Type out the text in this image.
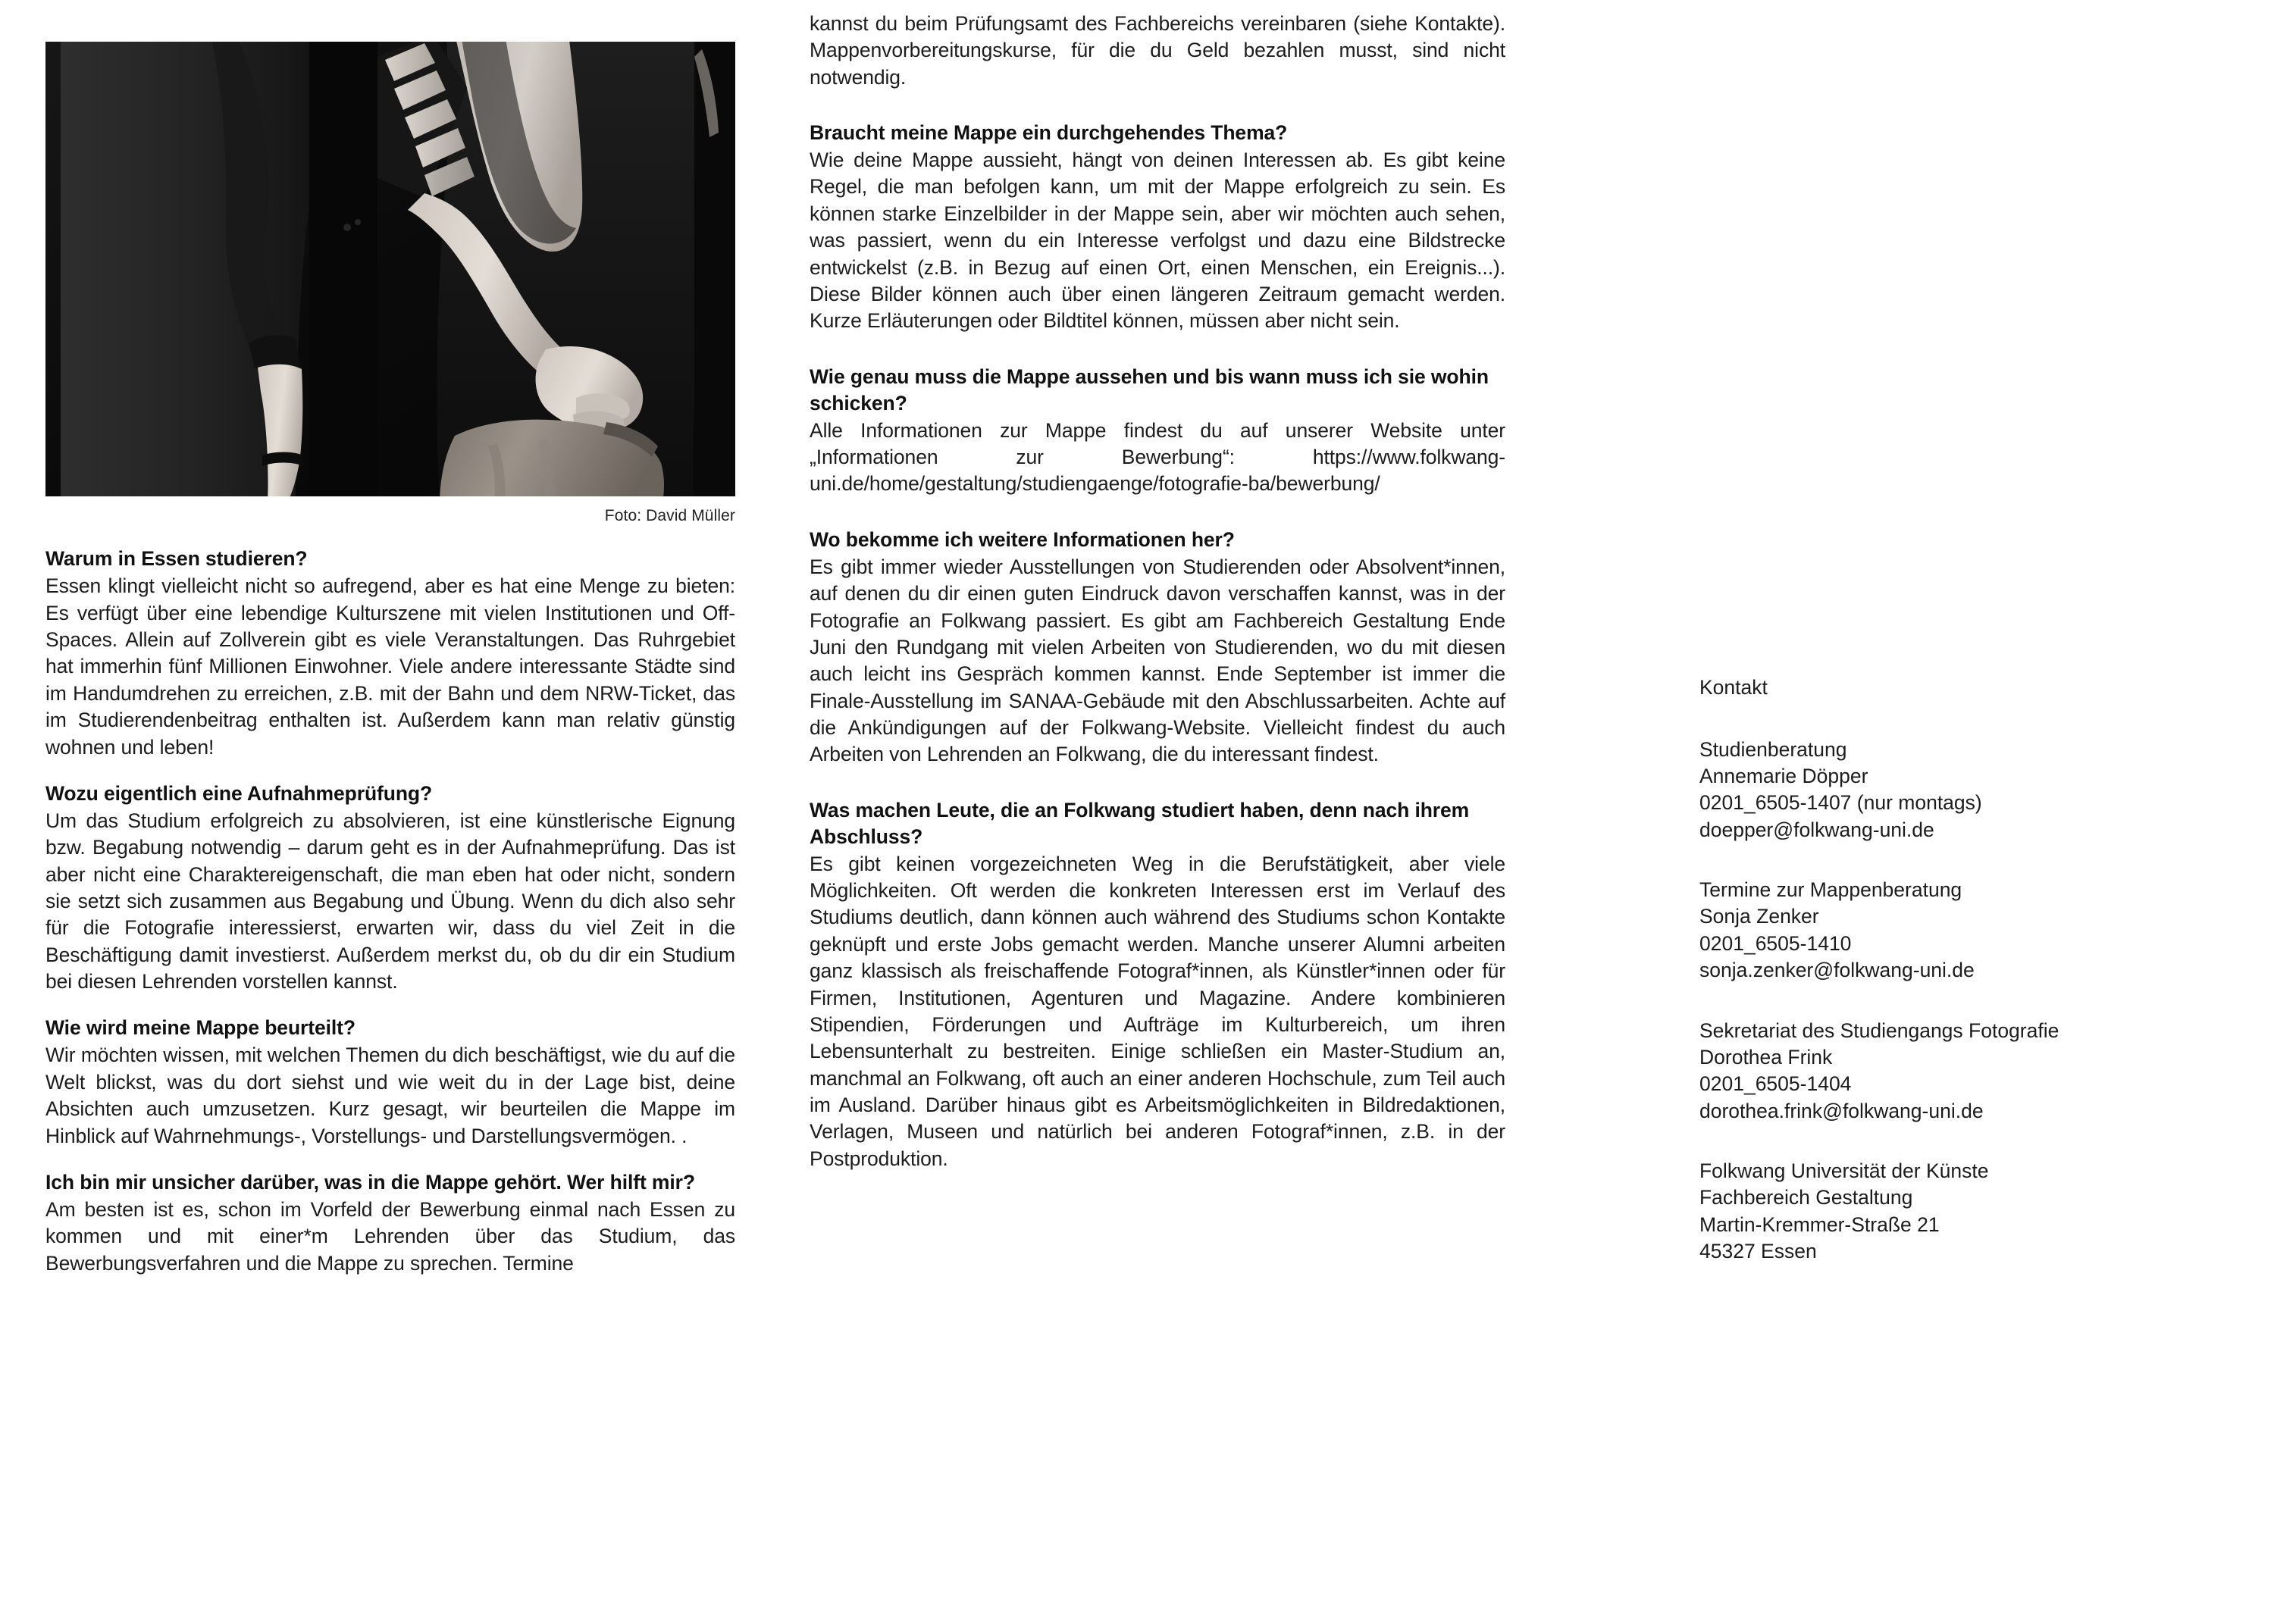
Foto: David Müller
Warum in Essen studieren?

Essen klingt vielleicht nicht so aufregend, aber es hat eine Menge zu bieten: Es verfügt über eine lebendige Kulturszene mit vielen Institutionen und Off-Spaces. Allein auf Zollverein gibt es viele Veranstaltungen. Das Ruhrgebiet hat immerhin fünf Millionen Einwohner. Viele andere interessante Städte sind im Handumdrehen zu erreichen, z.B. mit der Bahn und dem NRW-Ticket, das im Studierendenbeitrag enthalten ist. Außerdem kann man relativ günstig wohnen und leben!

Wozu eigentlich eine Aufnahmeprüfung?

Um das Studium erfolgreich zu absolvieren, ist eine künstlerische Eignung bzw. Begabung notwendig – darum geht es in der Aufnahmeprüfung. Das ist aber nicht eine Charaktereigenschaft, die man eben hat oder nicht, sondern sie setzt sich zusammen aus Begabung und Übung. Wenn du dich also sehr für die Fotografie interessierst, erwarten wir, dass du viel Zeit in die Beschäftigung damit investierst. Außerdem merkst du, ob du dir ein Studium bei diesen Lehrenden vorstellen kannst.

Wie wird meine Mappe beurteilt?

Wir möchten wissen, mit welchen Themen du dich beschäftigst, wie du auf die Welt blickst, was du dort siehst und wie weit du in der Lage bist, deine Absichten auch umzusetzen. Kurz gesagt, wir beurteilen die Mappe im Hinblick auf Wahrnehmungs-, Vorstellungs- und Darstellungsvermögen. .

Ich bin mir unsicher darüber, was in die Mappe gehört. Wer hilft mir?

Am besten ist es, schon im Vorfeld der Bewerbung einmal nach Essen zu kommen und mit einer*m Lehrenden über das Studium, das Bewerbungsverfahren und die Mappe zu sprechen. Termine

kannst du beim Prüfungsamt des Fachbereichs vereinbaren (siehe Kontakte). Mappenvorbereitungskurse, für die du Geld bezahlen musst, sind nicht notwendig.

Braucht meine Mappe ein durchgehendes Thema?

Wie deine Mappe aussieht, hängt von deinen Interessen ab. Es gibt keine Regel, die man befolgen kann, um mit der Mappe erfolgreich zu sein. Es können starke Einzelbilder in der Mappe sein, aber wir möchten auch sehen, was passiert, wenn du ein Interesse verfolgst und dazu eine Bildstrecke entwickelst (z.B. in Bezug auf einen Ort, einen Menschen, ein Ereignis...). Diese Bilder können auch über einen längeren Zeitraum gemacht werden. Kurze Erläuterungen oder Bildtitel können, müssen aber nicht sein.

Wie genau muss die Mappe aussehen und bis wann muss ich sie wohin schicken?

Alle Informationen zur Mappe findest du auf unserer Website unter „Informationen zur Bewerbung“: https://www.folkwang-uni.de/home/gestaltung/studiengaenge/fotografie-ba/bewerbung/

Wo bekomme ich weitere Informationen her?

Es gibt immer wieder Ausstellungen von Studierenden oder Absolvent*innen, auf denen du dir einen guten Eindruck davon verschaffen kannst, was in der Fotografie an Folkwang passiert. Es gibt am Fachbereich Gestaltung Ende Juni den Rundgang mit vielen Arbeiten von Studierenden, wo du mit diesen auch leicht ins Gespräch kommen kannst. Ende September ist immer die Finale-Ausstellung im SANAA-Gebäude mit den Abschlussarbeiten. Achte auf die Ankündigungen auf der Folkwang-Website. Vielleicht findest du auch Arbeiten von Lehrenden an Folkwang, die du interessant findest.

Was machen Leute, die an Folkwang studiert haben, denn nach ihrem Abschluss?

Es gibt keinen vorgezeichneten Weg in die Berufstätigkeit, aber viele Möglichkeiten. Oft werden die konkreten Interessen erst im Verlauf des Studiums deutlich, dann können auch während des Studiums schon Kontakte geknüpft und erste Jobs gemacht werden. Manche unserer Alumni arbeiten ganz klassisch als freischaffende Fotograf*innen, als Künstler*innen oder für Firmen, Institutionen, Agenturen und Magazine. Andere kombinieren Stipendien, Förderungen und Aufträge im Kulturbereich, um ihren Lebensunterhalt zu bestreiten. Einige schließen ein Master-Studium an, manchmal an Folkwang, oft auch an einer anderen Hochschule, zum Teil auch im Ausland. Darüber hinaus gibt es Arbeitsmöglichkeiten in Bildredaktionen, Verlagen, Museen und natürlich bei anderen Fotograf*innen, z.B. in der Postproduktion.

Kontakt
Studienberatung
Annemarie Döpper
0201_6505-1407 (nur montags)
doepper@folkwang-uni.de
Termine zur Mappenberatung
Sonja Zenker
0201_6505-1410
sonja.zenker@folkwang-uni.de
Sekretariat des Studiengangs Fotografie
Dorothea Frink
0201_6505-1404
dorothea.frink@folkwang-uni.de
Folkwang Universität der Künste
Fachbereich Gestaltung
Martin-Kremmer-Straße 21
45327 Essen
